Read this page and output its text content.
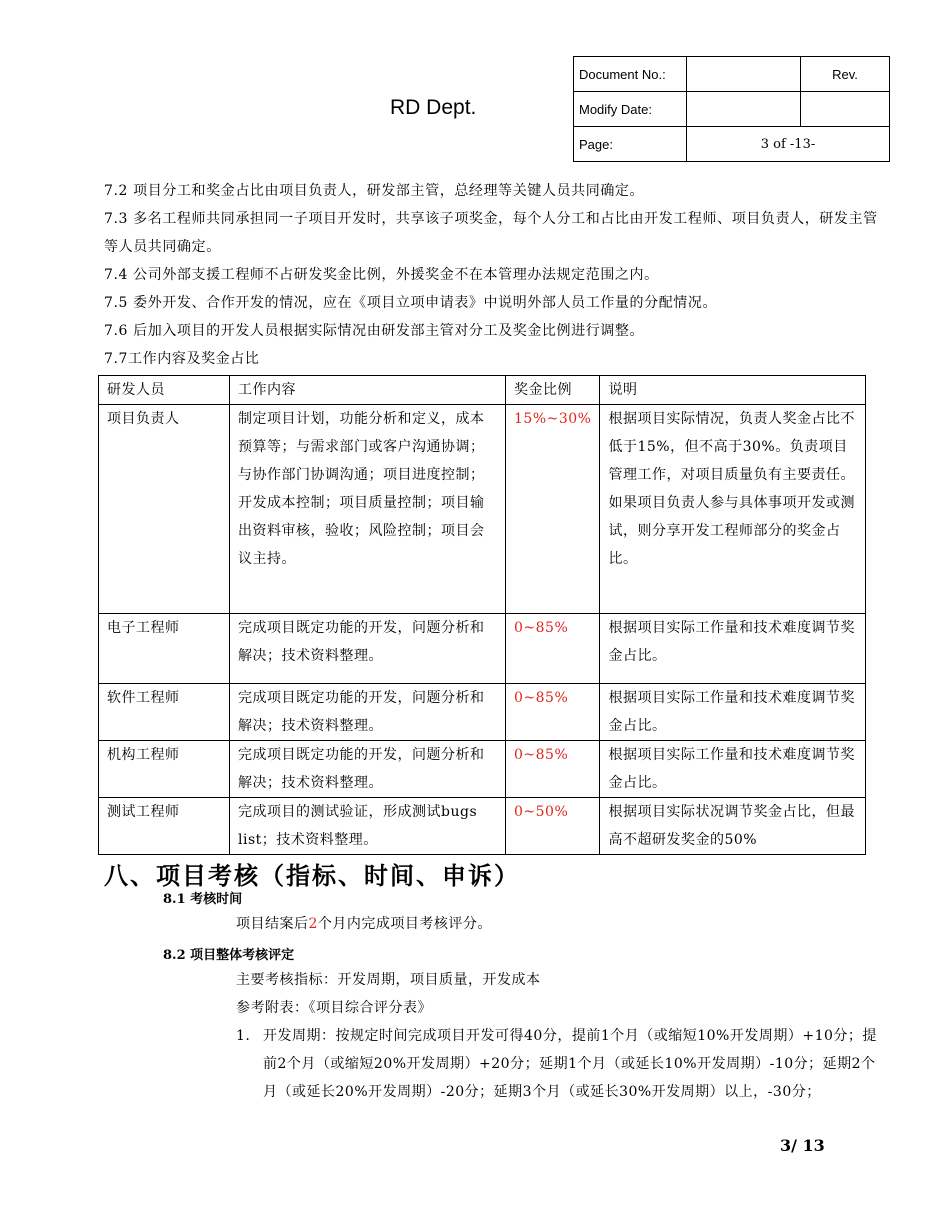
RD Dept.
Document No.:		Rev.
Modify Date:		
Page:	3 of -13-	
7.2 项目分工和奖金占比由项目负责人，研发部主管，总经理等关键人员共同确定。
7.3 多名工程师共同承担同一子项目开发时，共享该子项奖金，每个人分工和占比由开发工程师、项目负责人，研发主管等人员共同确定。
7.4 公司外部支援工程师不占研发奖金比例，外援奖金不在本管理办法规定范围之内。
7.5 委外开发、合作开发的情况，应在《项目立项申请表》中说明外部人员工作量的分配情况。
7.6 后加入项目的开发人员根据实际情况由研发部主管对分工及奖金比例进行调整。
7.7工作内容及奖金占比
研发人员	工作内容	奖金比例	说明
项目负责人	制定项目计划，功能分析和定义，成本预算等；与需求部门或客户沟通协调；与协作部门协调沟通；项目进度控制；开发成本控制；项目质量控制；项目输出资料审核，验收；风险控制；项目会议主持。	15%~30%	根据项目实际情况，负责人奖金占比不低于15%，但不高于30%。负责项目管理工作，对项目质量负有主要责任。如果项目负责人参与具体事项开发或测试，则分享开发工程师部分的奖金占比。
电子工程师	完成项目既定功能的开发，问题分析和解决；技术资料整理。	0~85%	根据项目实际工作量和技术难度调节奖金占比。
软件工程师	完成项目既定功能的开发，问题分析和解决；技术资料整理。	0~85%	根据项目实际工作量和技术难度调节奖金占比。
机构工程师	完成项目既定功能的开发，问题分析和解决；技术资料整理。	0~85%	根据项目实际工作量和技术难度调节奖金占比。
测试工程师	完成项目的测试验证，形成测试bugs list；技术资料整理。	0~50%	根据项目实际状况调节奖金占比，但最高不超研发奖金的50%
八、项目考核（指标、时间、申诉）
8.1 考核时间
项目结案后2个月内完成项目考核评分。
8.2 项目整体考核评定
主要考核指标：开发周期，项目质量，开发成本
参考附表：《项目综合评分表》
1. 开发周期：按规定时间完成项目开发可得40分，提前1个月（或缩短10%开发周期）+10分；提前2个月（或缩短20%开发周期）+20分；延期1个月（或延长10%开发周期）-10分；延期2个月（或延长20%开发周期）-20分；延期3个月（或延长30%开发周期）以上，-30分；
3/ 13
